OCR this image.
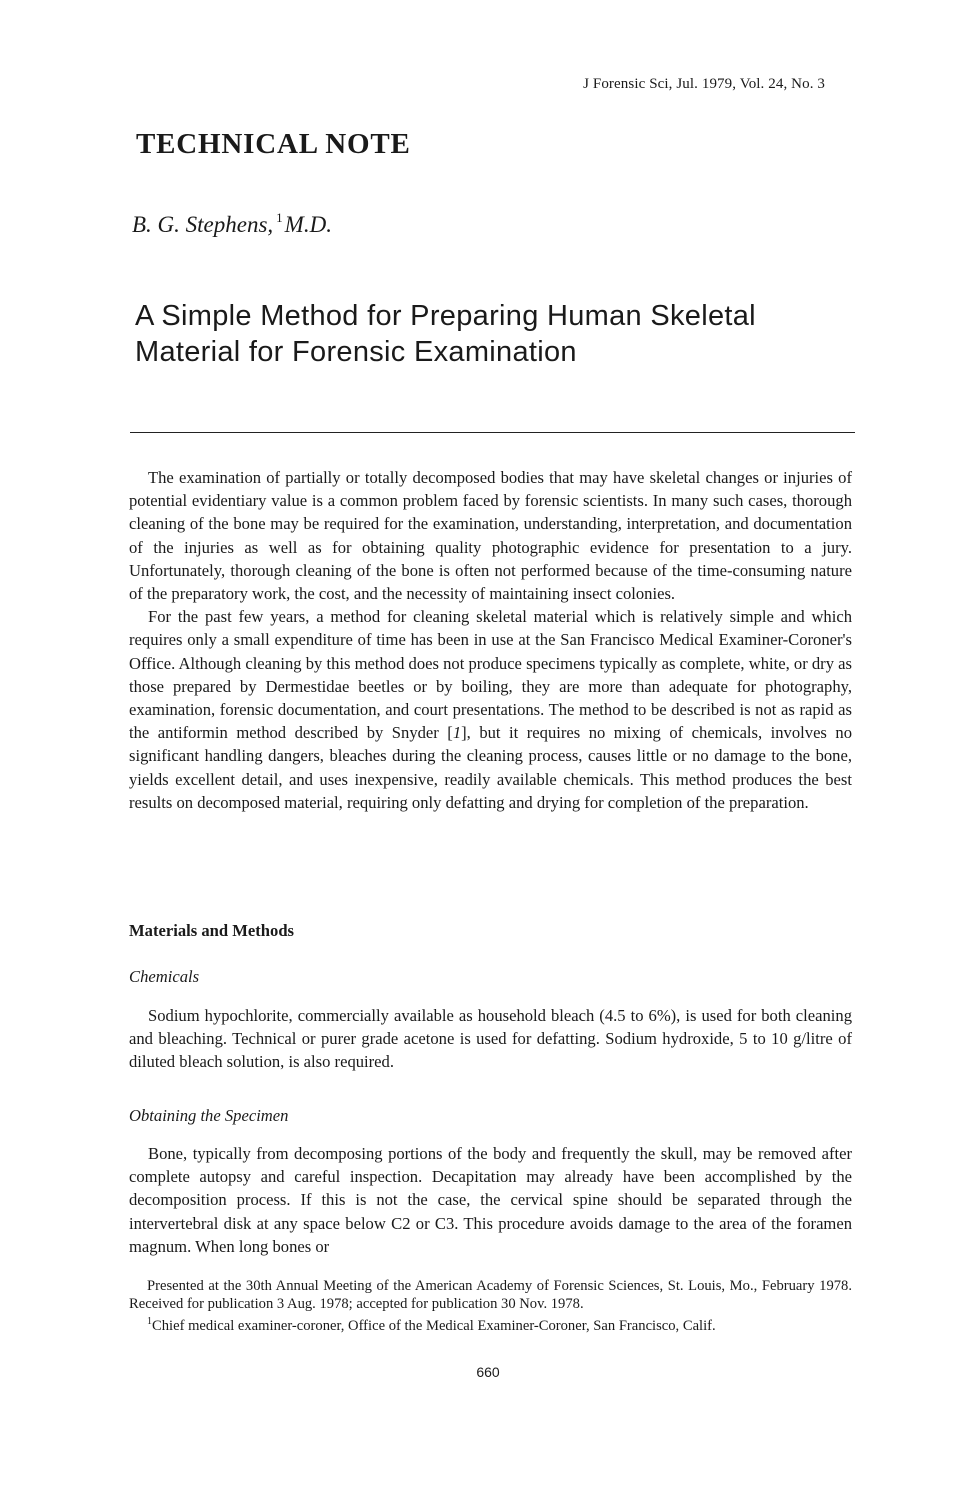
J Forensic Sci, Jul. 1979, Vol. 24, No. 3
TECHNICAL NOTE
B. G. Stephens, $^1$M.D.
A Simple Method for Preparing Human Skeletal
Material for Forensic Examination

The examination of partially or totally decomposed bodies that may have skeletal changes or injuries of potential evidentiary value is a common problem faced by forensic scientists. In many such cases, thorough cleaning of the bone may be required for the examination, understanding, interpretation, and documentation of the injuries as well as for obtaining quality photographic evidence for presentation to a jury. Unfortunately, thorough cleaning of the bone is often not performed because of the time-consuming nature of the preparatory work, the cost, and the necessity of maintaining insect colonies.

For the past few years, a method for cleaning skeletal material which is relatively simple and which requires only a small expenditure of time has been in use at the San Francisco Medical Examiner-Coroner's Office. Although cleaning by this method does not produce specimens typically as complete, white, or dry as those prepared by Dermestidae beetles or by boiling, they are more than adequate for photography, examination, forensic documentation, and court presentations. The method to be described is not as rapid as the antiformin method described by Snyder [1], but it requires no mixing of chemicals, involves no significant handling dangers, bleaches during the cleaning process, causes little or no damage to the bone, yields excellent detail, and uses inexpensive, readily available chemicals. This method produces the best results on decomposed material, requiring only defatting and drying for completion of the preparation.

Materials and Methods
Chemicals

Sodium hypochlorite, commercially available as household bleach (4.5 to 6%), is used for both cleaning and bleaching. Technical or purer grade acetone is used for defatting. Sodium hydroxide, 5 to 10 g/litre of diluted bleach solution, is also required.

Obtaining the Specimen

Bone, typically from decomposing portions of the body and frequently the skull, may be removed after complete autopsy and careful inspection. Decapitation may already have been accomplished by the decomposition process. If this is not the case, the cervical spine should be separated through the intervertebral disk at any space below C2 or C3. This procedure avoids damage to the area of the foramen magnum. When long bones or

Presented at the 30th Annual Meeting of the American Academy of Forensic Sciences, St. Louis, Mo., February 1978. Received for publication 3 Aug. 1978; accepted for publication 30 Nov. 1978.

$^1$Chief medical examiner-coroner, Office of the Medical Examiner-Coroner, San Francisco, Calif.

660
